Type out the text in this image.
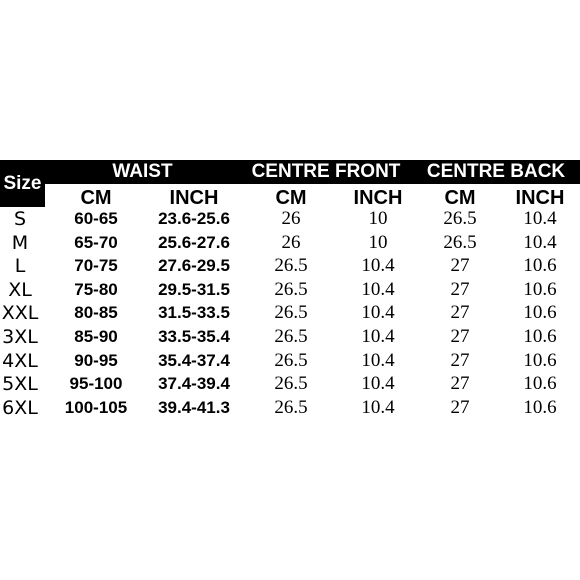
Size
WAIST	CENTRE FRONT	CENTRE BACK
CM	INCH	CM	INCH	CM	INCH
S	60-65	23.6-25.6	26	10	26.5	10.4
M	65-70	25.6-27.6	26	10	26.5	10.4
L	70-75	27.6-29.5	26.5	10.4	27	10.6
XL	75-80	29.5-31.5	26.5	10.4	27	10.6
XXL	80-85	31.5-33.5	26.5	10.4	27	10.6
3XL	85-90	33.5-35.4	26.5	10.4	27	10.6
4XL	90-95	35.4-37.4	26.5	10.4	27	10.6
5XL	95-100	37.4-39.4	26.5	10.4	27	10.6
6XL	100-105	39.4-41.3	26.5	10.4	27	10.6
